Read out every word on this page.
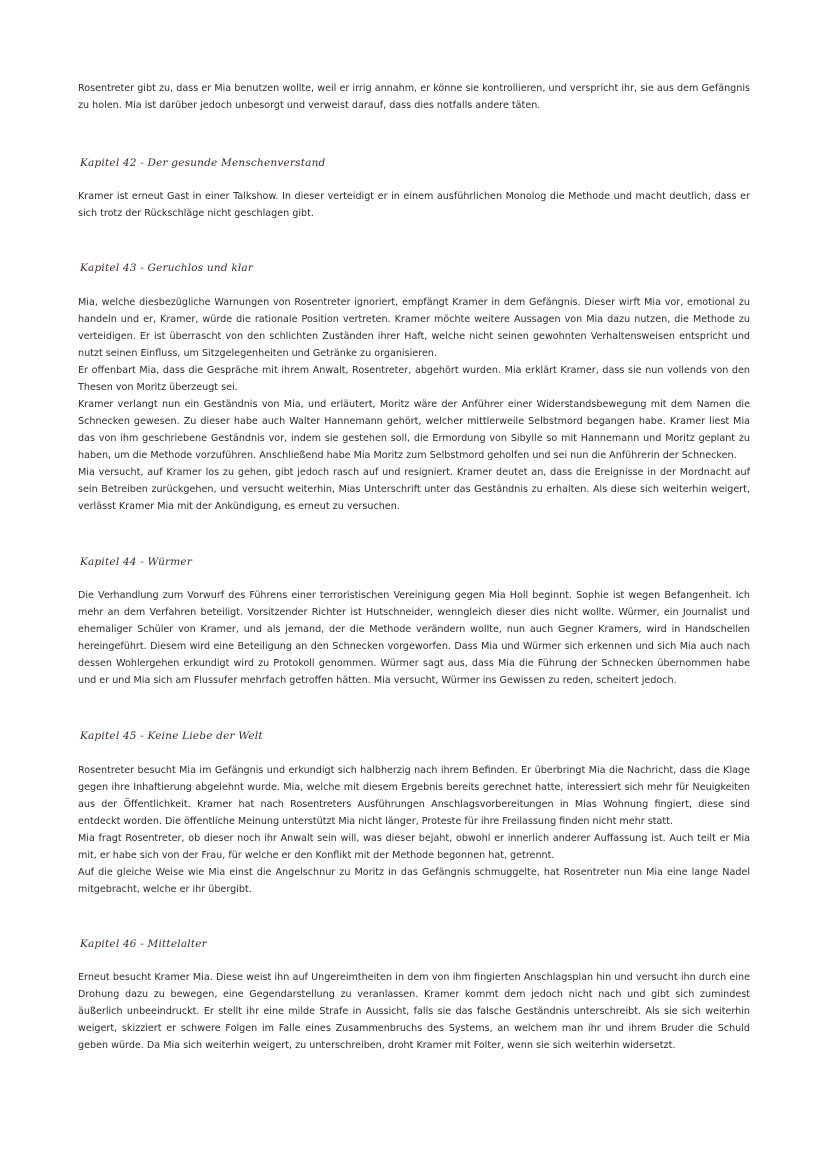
Rosentreter gibt zu, dass er Mia benutzen wollte, weil er irrig annahm, er könne sie kontrollieren, und verspricht ihr, sie aus dem Gefängnis zu holen. Mia ist darüber jedoch unbesorgt und verweist darauf, dass dies notfalls andere täten.

Kapitel 42 - Der gesunde Menschenverstand

Kramer ist erneut Gast in einer Talkshow. In dieser verteidigt er in einem ausführlichen Monolog die Methode und macht deutlich, dass er sich trotz der Rückschläge nicht geschlagen gibt.

Kapitel 43 - Geruchlos und klar

Mia, welche diesbezügliche Warnungen von Rosentreter ignoriert, empfängt Kramer in dem Gefängnis. Dieser wirft Mia vor, emotional zu handeln und er, Kramer, würde die rationale Position vertreten. Kramer möchte weitere Aussagen von Mia dazu nutzen, die Methode zu verteidigen. Er ist überrascht von den schlichten Zuständen ihrer Haft, welche nicht seinen gewohnten Verhaltensweisen entspricht und nutzt seinen Einfluss, um Sitzgelegenheiten und Getränke zu organisieren.

Er offenbart Mia, dass die Gespräche mit ihrem Anwalt, Rosentreter, abgehört wurden. Mia erklärt Kramer, dass sie nun vollends von den Thesen von Moritz überzeugt sei.

Kramer verlangt nun ein Geständnis von Mia, und erläutert, Moritz wäre der Anführer einer Widerstandsbewegung mit dem Namen die Schnecken gewesen. Zu dieser habe auch Walter Hannemann gehört, welcher mittlerweile Selbstmord begangen habe. Kramer liest Mia das von ihm geschriebene Geständnis vor, indem sie gestehen soll, die Ermordung von Sibylle so mit Hannemann und Moritz geplant zu haben, um die Methode vorzuführen. Anschließend habe Mia Moritz zum Selbstmord geholfen und sei nun die Anführerin der Schnecken.

Mia versucht, auf Kramer los zu gehen, gibt jedoch rasch auf und resigniert. Kramer deutet an, dass die Ereignisse in der Mordnacht auf sein Betreiben zurückgehen, und versucht weiterhin, Mias Unterschrift unter das Geständnis zu erhalten. Als diese sich weiterhin weigert, verlässt Kramer Mia mit der Ankündigung, es erneut zu versuchen.

Kapitel 44 - Würmer

Die Verhandlung zum Vorwurf des Führens einer terroristischen Vereinigung gegen Mia Holl beginnt. Sophie ist wegen Befangenheit. Ich mehr an dem Verfahren beteiligt. Vorsitzender Richter ist Hutschneider, wenngleich dieser dies nicht wollte. Würmer, ein Journalist und ehemaliger Schüler von Kramer, und als jemand, der die Methode verändern wollte, nun auch Gegner Kramers, wird in Handschellen hereingeführt. Diesem wird eine Beteiligung an den Schnecken vorgeworfen. Dass Mia und Würmer sich erkennen und sich Mia auch nach dessen Wohlergehen erkundigt wird zu Protokoll genommen. Würmer sagt aus, dass Mia die Führung der Schnecken übernommen habe und er und Mia sich am Flussufer mehrfach getroffen hätten. Mia versucht, Würmer ins Gewissen zu reden, scheitert jedoch.

Kapitel 45 - Keine Liebe der Welt

Rosentreter besucht Mia im Gefängnis und erkundigt sich halbherzig nach ihrem Befinden. Er überbringt Mia die Nachricht, dass die Klage gegen ihre Inhaftierung abgelehnt wurde. Mia, welche mit diesem Ergebnis bereits gerechnet hatte, interessiert sich mehr für Neuigkeiten aus der Öffentlichkeit. Kramer hat nach Rosentreters Ausführungen Anschlagsvorbereitungen in Mias Wohnung fingiert, diese sind entdeckt worden. Die öffentliche Meinung unterstützt Mia nicht länger, Proteste für ihre Freilassung finden nicht mehr statt.

Mia fragt Rosentreter, ob dieser noch ihr Anwalt sein will, was dieser bejaht, obwohl er innerlich anderer Auffassung ist. Auch teilt er Mia mit, er habe sich von der Frau, für welche er den Konflikt mit der Methode begonnen hat, getrennt.

Auf die gleiche Weise wie Mia einst die Angelschnur zu Moritz in das Gefängnis schmuggelte, hat Rosentreter nun Mia eine lange Nadel mitgebracht, welche er ihr übergibt.

Kapitel 46 - Mittelalter

Erneut besucht Kramer Mia. Diese weist ihn auf Ungereimtheiten in dem von ihm fingierten Anschlagsplan hin und versucht ihn durch eine Drohung dazu zu bewegen, eine Gegendarstellung zu veranlassen. Kramer kommt dem jedoch nicht nach und gibt sich zumindest äußerlich unbeeindruckt. Er stellt ihr eine milde Strafe in Aussicht, falls sie das falsche Geständnis unterschreibt. Als sie sich weiterhin weigert, skizziert er schwere Folgen im Falle eines Zusammenbruchs des Systems, an welchem man ihr und ihrem Bruder die Schuld geben würde. Da Mia sich weiterhin weigert, zu unterschreiben, droht Kramer mit Folter, wenn sie sich weiterhin widersetzt.
